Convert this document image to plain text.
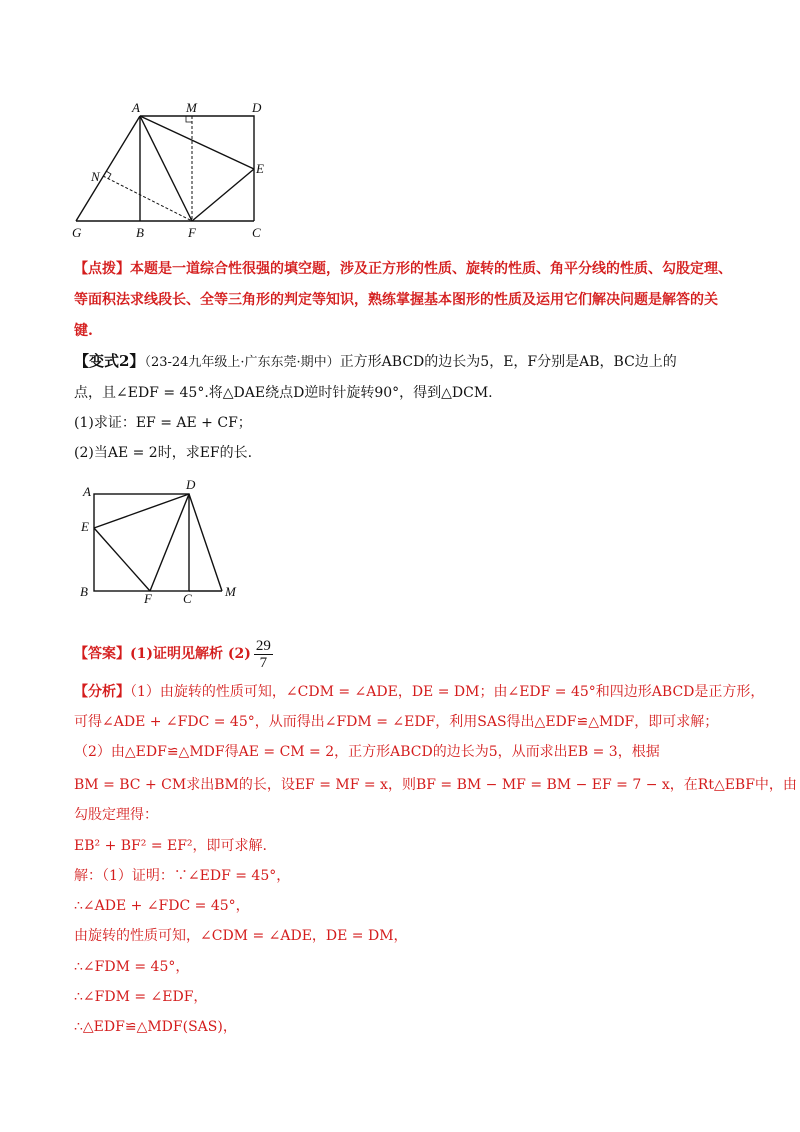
A	M	D
N
E
G	B	F	C
【点拨】本题是一道综合性很强的填空题，涉及正方形的性质、旋转的性质、角平分线的性质、勾股定理、等面积法求线段长、全等三角形的判定等知识，熟练掌握基本图形的性质及运用它们解决问题是解答的关键.
【变式2】（23-24九年级上·广东东莞·期中）正方形ABCD的边长为5，E，F分别是AB，BC边上的
点，且∠EDF = 45°.将△DAE绕点D逆时针旋转90°，得到△DCM.
(1)求证：EF = AE + CF；
(2)当AE = 2时，求EF的长.
A	D
E
B	F C	M
【答案】(1)证明见解析 $(2) \frac{29}{7}$
【分析】（1）由旋转的性质可知，∠CDM = ∠ADE，DE = DM；由∠EDF = 45°和四边形ABCD是正方形，
可得∠ADE + ∠FDC = 45°，从而得出∠FDM = ∠EDF，利用SAS得出△EDF≌△MDF，即可求解；
（2）由△EDF≌△MDF得AE = CM = 2，正方形ABCD的边长为5，从而求出EB = 3，根据
BM = BC + CM求出BM的长，设EF = MF = x，则BF = BM − MF = BM − EF = 7 − x，在Rt△EBF中，由
勾股定理得：
EB² + BF² = EF²，即可求解.
解：（1）证明：∵∠EDF = 45°，
∴∠ADE + ∠FDC = 45°，
由旋转的性质可知，∠CDM = ∠ADE，DE = DM，
∴∠FDM = 45°，
∴∠FDM = ∠EDF，
∴△EDF≌△MDF(SAS)，
